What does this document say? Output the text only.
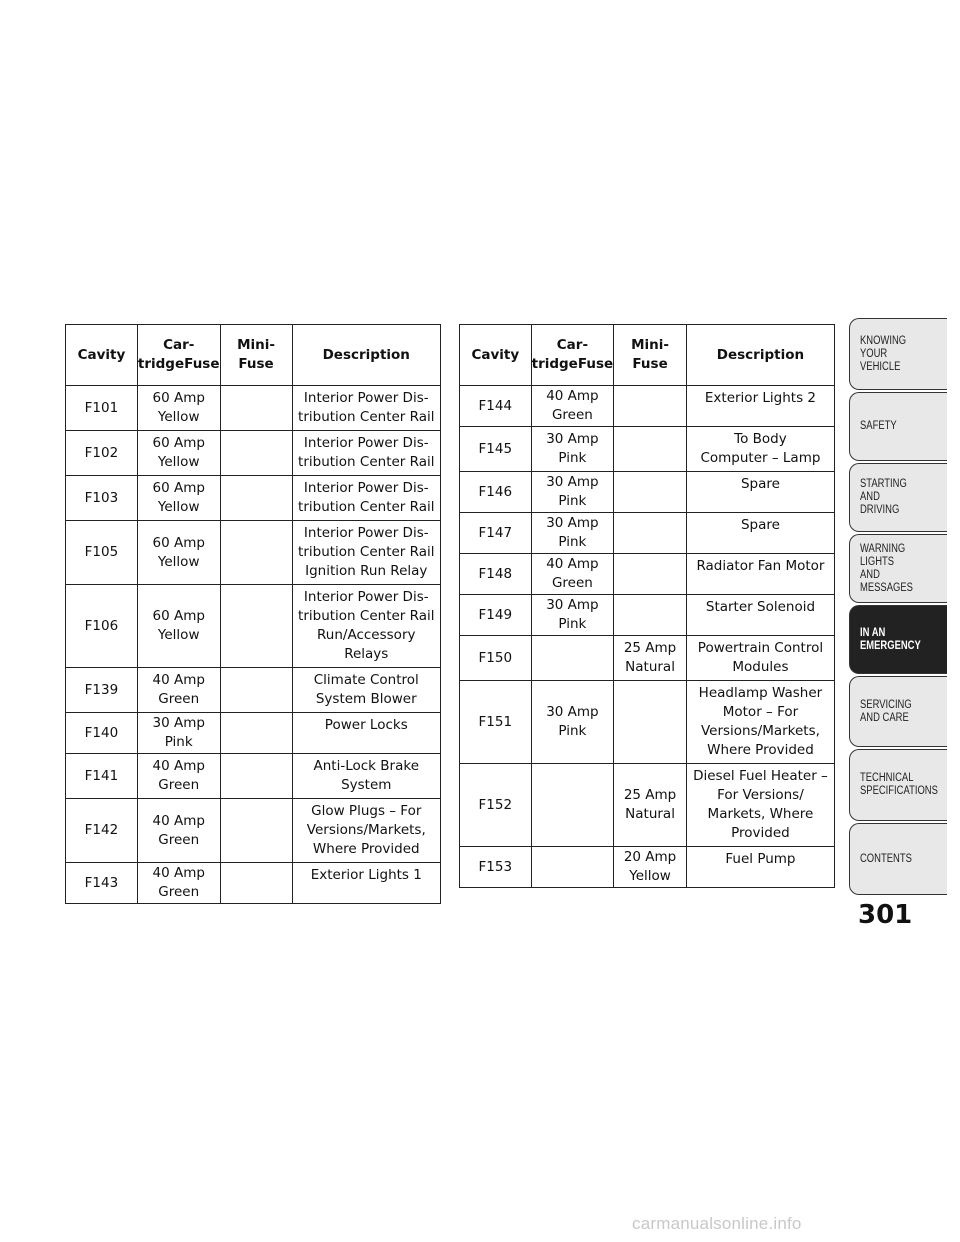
Cavity	Car-tridgeFuse	Mini-Fuse	Description

F101	60 Amp
Yellow		Interior Power Dis-
tribution Center Rail

F102	60 Amp
Yellow		Interior Power Dis-
tribution Center Rail

F103	60 Amp
Yellow		Interior Power Dis-
tribution Center Rail

F105	60 Amp
Yellow		Interior Power Dis-
tribution Center Rail
Ignition Run Relay

F106	60 Amp
Yellow		Interior Power Dis-
tribution Center Rail
Run/Accessory
Relays

F139	40 Amp
Green		Climate Control
System Blower

F140	30 Amp
Pink		Power Locks

F141	40 Amp
Green		Anti-Lock Brake
System

F142	40 Amp
Green		Glow Plugs – For
Versions/Markets,
Where Provided

F143	40 Amp
Green		Exterior Lights 1
Cavity	Car-tridgeFuse	Mini-Fuse	Description

F144	40 Amp
Green		Exterior Lights 2

F145	30 Amp
Pink		To Body
Computer – Lamp

F146	30 Amp
Pink		Spare

F147	30 Amp
Pink		Spare

F148	40 Amp
Green		Radiator Fan Motor

F149	30 Amp
Pink		Starter Solenoid

F150		25 Amp
Natural	Powertrain Control
Modules

F151	30 Amp
Pink		Headlamp Washer
Motor – For
Versions/Markets,
Where Provided

F152		25 Amp
Natural	Diesel Fuel Heater –
For Versions/
Markets, Where
Provided

F153		20 Amp
Yellow	Fuel Pump
KNOWING
YOUR
VEHICLE
SAFETY
STARTING
AND
DRIVING
WARNING
LIGHTS
AND
MESSAGES
IN AN
EMERGENCY
SERVICING
AND CARE
TECHNICAL
SPECIFICATIONS
CONTENTS
301
carmanualsonline.info
